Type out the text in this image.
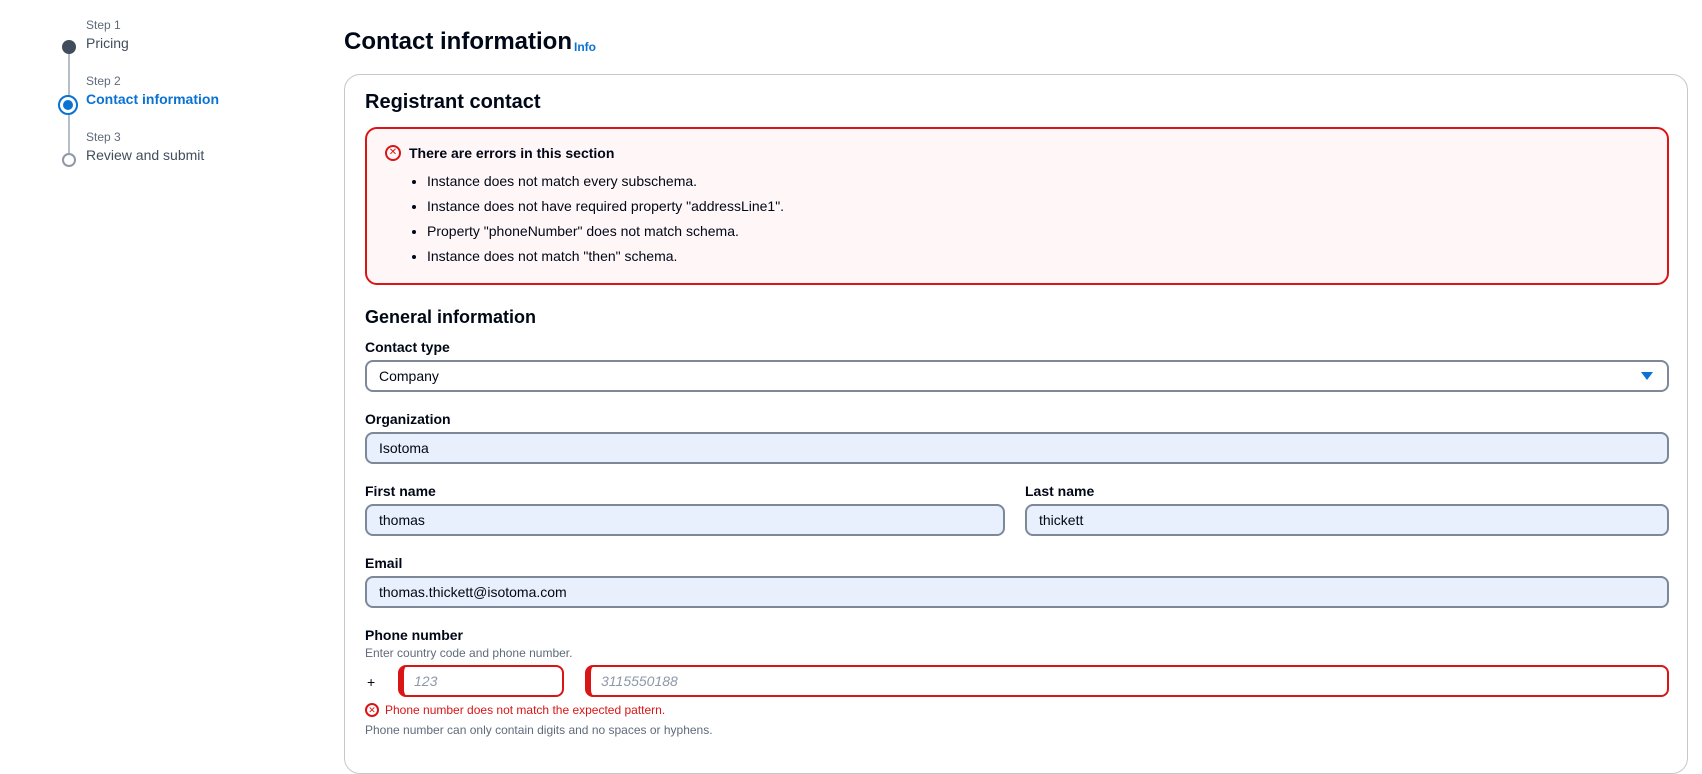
Step 1
Pricing
Step 2
Contact information
Step 3
Review and submit
Contact information Info
Registrant contact
✕ There are errors in this section
• Instance does not match every subschema.
• Instance does not have required property "addressLine1".
• Property "phoneNumber" does not match schema.
• Instance does not match "then" schema.
General information
Contact type
Company
Organization
Isotoma
First name
thomas
Last name
thickett
Email
thomas.thickett@isotoma.com
Phone number
Enter country code and phone number.
+	123	3115550188
✕ Phone number does not match the expected pattern.
Phone number can only contain digits and no spaces or hyphens.
